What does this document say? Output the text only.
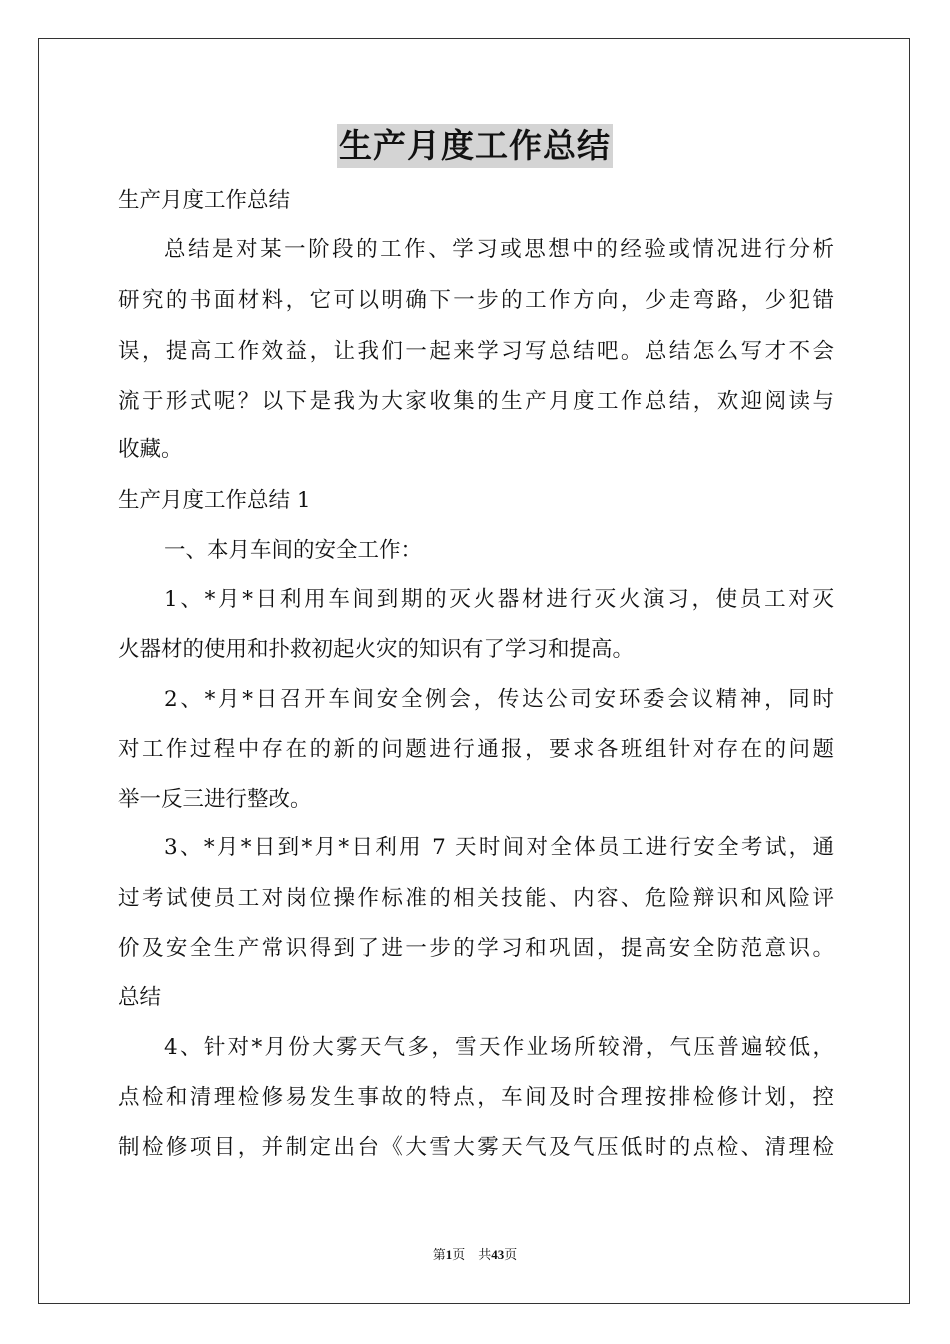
生产月度工作总结

生产月度工作总结

总结是对某一阶段的工作、学习或思想中的经验或情况进行分析

研究的书面材料，它可以明确下一步的工作方向，少走弯路，少犯错

误，提高工作效益，让我们一起来学习写总结吧。总结怎么写才不会

流于形式呢？以下是我为大家收集的生产月度工作总结，欢迎阅读与

收藏。

生产月度工作总结 1

一、本月车间的安全工作：

1、*月*日利用车间到期的灭火器材进行灭火演习，使员工对灭

火器材的使用和扑救初起火灾的知识有了学习和提高。

2、*月*日召开车间安全例会，传达公司安环委会议精神，同时

对工作过程中存在的新的问题进行通报，要求各班组针对存在的问题

举一反三进行整改。

3、*月*日到*月*日利用 7 天时间对全体员工进行安全考试，通

过考试使员工对岗位操作标准的相关技能、内容、危险辩识和风险评

价及安全生产常识得到了进一步的学习和巩固，提高安全防范意识。

总结

4、针对*月份大雾天气多，雪天作业场所较滑，气压普遍较低，

点检和清理检修易发生事故的特点，车间及时合理按排检修计划，控

制检修项目，并制定出台《大雪大雾天气及气压低时的点检、清理检

第1页　共43页
